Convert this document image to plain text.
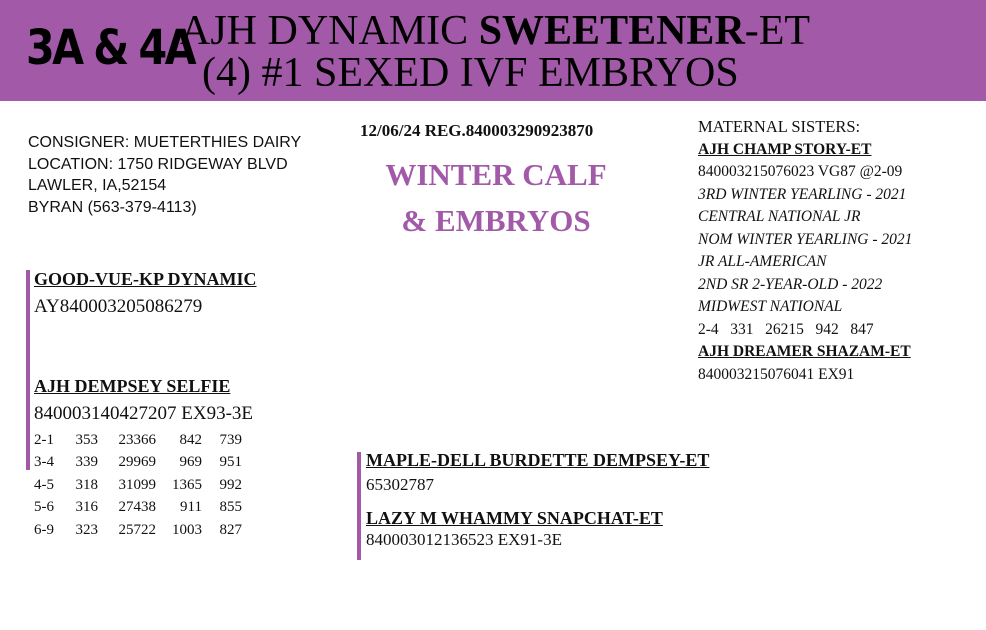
3A & 4A
AJH DYNAMIC SWEETENER-ET
(4) #1 SEXED IVF EMBRYOS
CONSIGNER: MUETERTHIES DAIRY
LOCATION: 1750 RIDGEWAY BLVD
LAWLER, IA,52154
BYRAN (563-379-4113)
12/06/24 REG.840003290923870
WINTER CALF
& EMBRYOS
MATERNAL SISTERS:
AJH CHAMP STORY-ET
840003215076023 VG87 @2-09
3RD WINTER YEARLING - 2021
CENTRAL NATIONAL JR
NOM WINTER YEARLING - 2021
JR ALL-AMERICAN
2ND SR 2-YEAR-OLD - 2022
MIDWEST NATIONAL
2-4   331   26215   942   847
AJH DREAMER SHAZAM-ET
840003215076041 EX91
GOOD-VUE-KP DYNAMIC
AY840003205086279
AJH DEMPSEY SELFIE
840003140427207 EX93-3E
2-1	353	23366	842	739
3-4	339	29969	969	951
4-5	318	31099	1365	992
5-6	316	27438	911	855
6-9	323	25722	1003	827
MAPLE-DELL BURDETTE DEMPSEY-ET
65302787
LAZY M WHAMMY SNAPCHAT-ET
840003012136523 EX91-3E
